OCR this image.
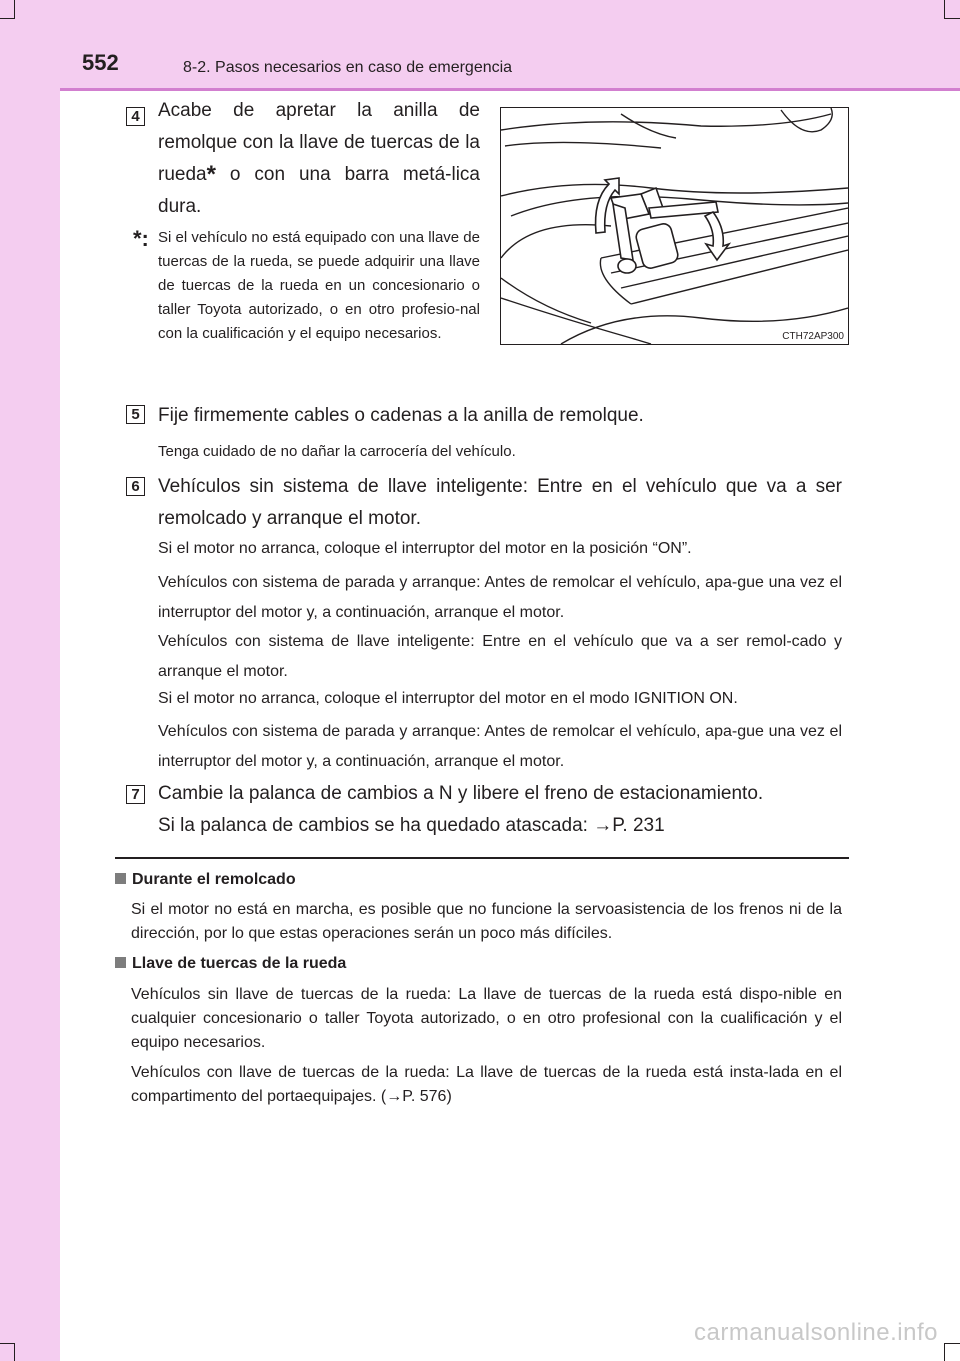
552	8-2. Pasos necesarios en caso de emergencia
4 Acabe de apretar la anilla de remolque con la llave de tuercas de la rueda* o con una barra metá-lica dura.
*: Si el vehículo no está equipado con una llave de tuercas de la rueda, se puede adquirir una llave de tuercas de la rueda en un concesionario o taller Toyota autorizado, o en otro profesio-nal con la cualificación y el equipo necesarios.	CTH72AP300
5 Fije firmemente cables o cadenas a la anilla de remolque.
Tenga cuidado de no dañar la carrocería del vehículo.
6 Vehículos sin sistema de llave inteligente: Entre en el vehículo que va a ser remolcado y arranque el motor.
Si el motor no arranca, coloque el interruptor del motor en la posición “ON”.
Vehículos con sistema de parada y arranque: Antes de remolcar el vehículo, apa-gue una vez el interruptor del motor y, a continuación, arranque el motor.
Vehículos con sistema de llave inteligente: Entre en el vehículo que va a ser remol-cado y arranque el motor.
Si el motor no arranca, coloque el interruptor del motor en el modo IGNITION ON.
Vehículos con sistema de parada y arranque: Antes de remolcar el vehículo, apa-gue una vez el interruptor del motor y, a continuación, arranque el motor.
7 Cambie la palanca de cambios a N y libere el freno de estacionamiento.
Si la palanca de cambios se ha quedado atascada: →P. 231
Durante el remolcado
Si el motor no está en marcha, es posible que no funcione la servoasistencia de los frenos ni de la dirección, por lo que estas operaciones serán un poco más difíciles.
Llave de tuercas de la rueda
Vehículos sin llave de tuercas de la rueda: La llave de tuercas de la rueda está dispo-nible en cualquier concesionario o taller Toyota autorizado, o en otro profesional con la cualificación y el equipo necesarios.
Vehículos con llave de tuercas de la rueda: La llave de tuercas de la rueda está insta-lada en el compartimento del portaequipajes. (→P. 576)
carmanualsonline.info
